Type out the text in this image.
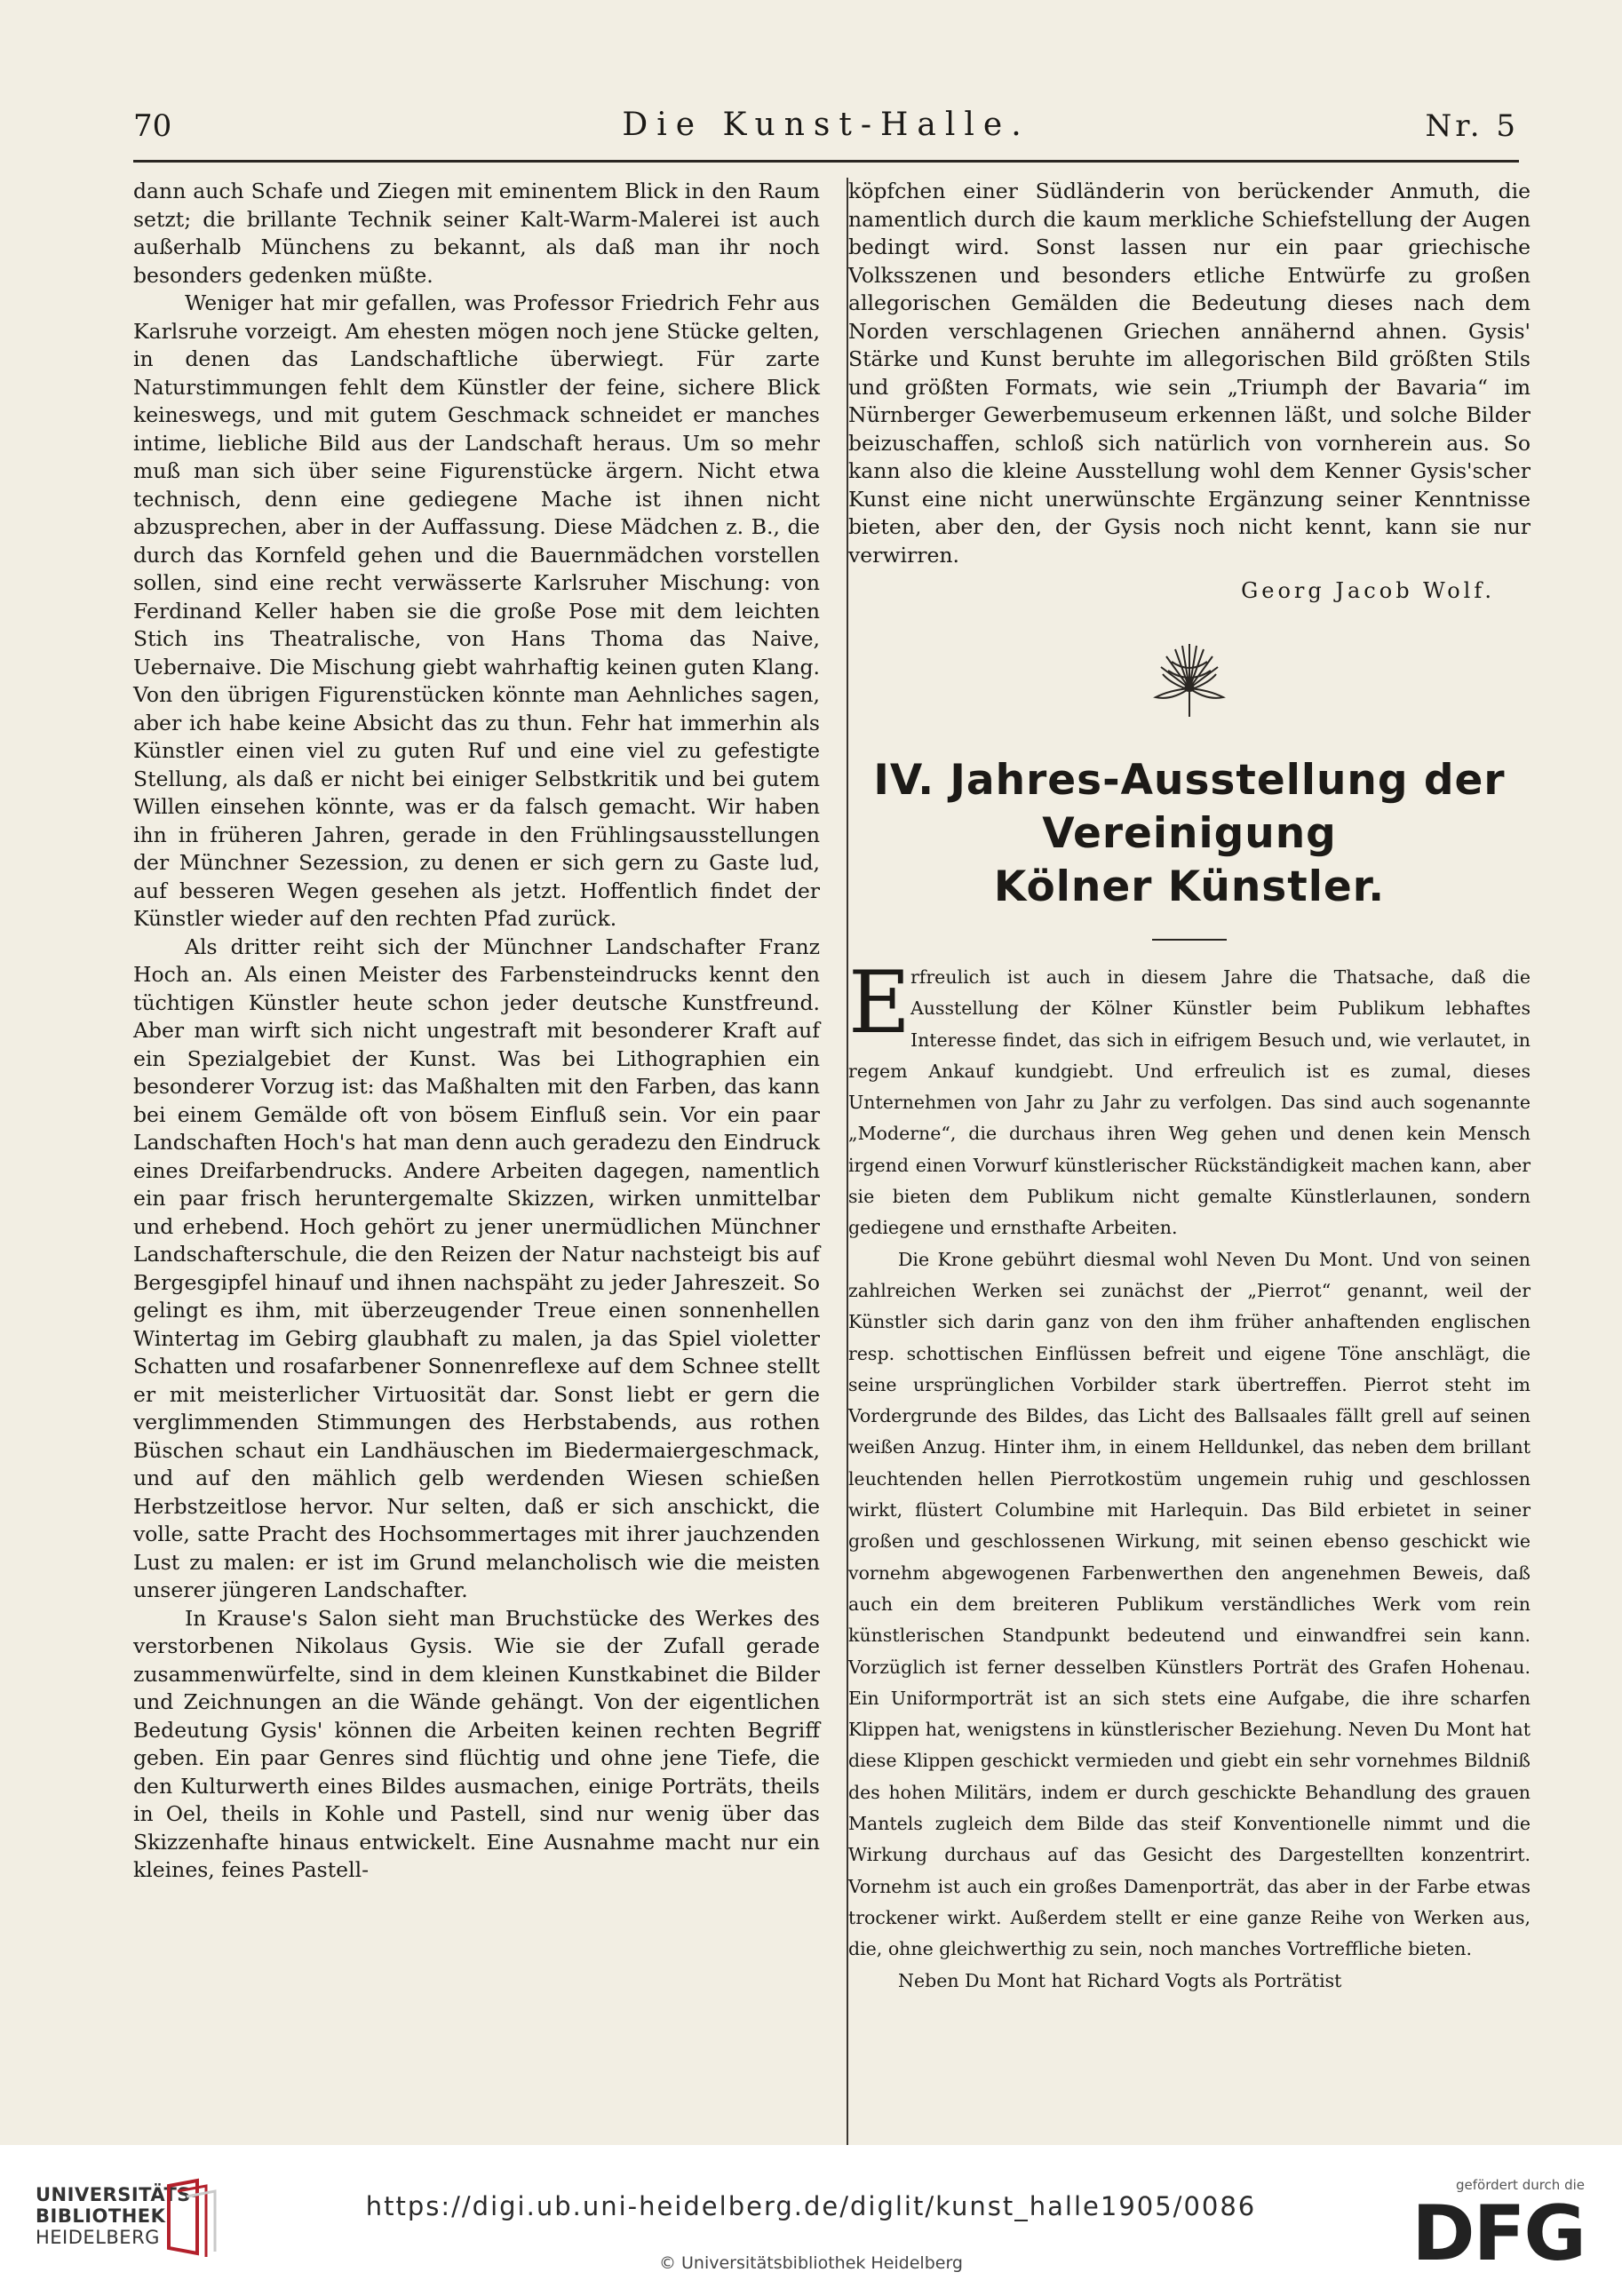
70	Die Kunst-Halle.	Nr. 5

dann auch Schafe und Ziegen mit eminentem Blick in den Raum setzt; die brillante Technik seiner Kalt-Warm-Malerei ist auch außerhalb Münchens zu bekannt, als daß man ihr noch besonders gedenken müßte.

Weniger hat mir gefallen, was Professor Friedrich Fehr aus Karlsruhe vorzeigt. Am ehesten mögen noch jene Stücke gelten, in denen das Landschaftliche überwiegt. Für zarte Naturstimmungen fehlt dem Künstler der feine, sichere Blick keineswegs, und mit gutem Geschmack schneidet er manches intime, liebliche Bild aus der Landschaft heraus. Um so mehr muß man sich über seine Figurenstücke ärgern. Nicht etwa technisch, denn eine gediegene Mache ist ihnen nicht abzusprechen, aber in der Auffassung. Diese Mädchen z. B., die durch das Kornfeld gehen und die Bauernmädchen vorstellen sollen, sind eine recht verwässerte Karlsruher Mischung: von Ferdinand Keller haben sie die große Pose mit dem leichten Stich ins Theatralische, von Hans Thoma das Naive, Uebernaive. Die Mischung giebt wahrhaftig keinen guten Klang. Von den übrigen Figurenstücken könnte man Aehnliches sagen, aber ich habe keine Absicht das zu thun. Fehr hat immerhin als Künstler einen viel zu guten Ruf und eine viel zu gefestigte Stellung, als daß er nicht bei einiger Selbstkritik und bei gutem Willen einsehen könnte, was er da falsch gemacht. Wir haben ihn in früheren Jahren, gerade in den Frühlingsausstellungen der Münchner Sezession, zu denen er sich gern zu Gaste lud, auf besseren Wegen gesehen als jetzt. Hoffentlich findet der Künstler wieder auf den rechten Pfad zurück.

Als dritter reiht sich der Münchner Landschafter Franz Hoch an. Als einen Meister des Farbensteindrucks kennt den tüchtigen Künstler heute schon jeder deutsche Kunstfreund. Aber man wirft sich nicht ungestraft mit besonderer Kraft auf ein Spezialgebiet der Kunst. Was bei Lithographien ein besonderer Vorzug ist: das Maßhalten mit den Farben, das kann bei einem Gemälde oft von bösem Einfluß sein. Vor ein paar Landschaften Hoch's hat man denn auch geradezu den Eindruck eines Dreifarbendrucks. Andere Arbeiten dagegen, namentlich ein paar frisch heruntergemalte Skizzen, wirken unmittelbar und erhebend. Hoch gehört zu jener unermüdlichen Münchner Landschafterschule, die den Reizen der Natur nachsteigt bis auf Bergesgipfel hinauf und ihnen nachspäht zu jeder Jahreszeit. So gelingt es ihm, mit überzeugender Treue einen sonnenhellen Wintertag im Gebirg glaubhaft zu malen, ja das Spiel violetter Schatten und rosafarbener Sonnenreflexe auf dem Schnee stellt er mit meisterlicher Virtuosität dar. Sonst liebt er gern die verglimmenden Stimmungen des Herbstabends, aus rothen Büschen schaut ein Landhäuschen im Biedermaiergeschmack, und auf den mählich gelb werdenden Wiesen schießen Herbstzeitlose hervor. Nur selten, daß er sich anschickt, die volle, satte Pracht des Hochsommertages mit ihrer jauchzenden Lust zu malen: er ist im Grund melancholisch wie die meisten unserer jüngeren Landschafter.

In Krause's Salon sieht man Bruchstücke des Werkes des verstorbenen Nikolaus Gysis. Wie sie der Zufall gerade zusammenwürfelte, sind in dem kleinen Kunstkabinet die Bilder und Zeichnungen an die Wände gehängt. Von der eigentlichen Bedeutung Gysis' können die Arbeiten keinen rechten Begriff geben. Ein paar Genres sind flüchtig und ohne jene Tiefe, die den Kulturwerth eines Bildes ausmachen, einige Porträts, theils in Oel, theils in Kohle und Pastell, sind nur wenig über das Skizzenhafte hinaus entwickelt. Eine Ausnahme macht nur ein kleines, feines Pastell-

köpfchen einer Südländerin von berückender Anmuth, die namentlich durch die kaum merkliche Schiefstellung der Augen bedingt wird. Sonst lassen nur ein paar griechische Volksszenen und besonders etliche Entwürfe zu großen allegorischen Gemälden die Bedeutung dieses nach dem Norden verschlagenen Griechen annähernd ahnen. Gysis' Stärke und Kunst beruhte im allegorischen Bild größten Stils und größten Formats, wie sein „Triumph der Bavaria“ im Nürnberger Gewerbemuseum erkennen läßt, und solche Bilder beizuschaffen, schloß sich natürlich von vornherein aus. So kann also die kleine Ausstellung wohl dem Kenner Gysis'scher Kunst eine nicht unerwünschte Ergänzung seiner Kenntnisse bieten, aber den, der Gysis noch nicht kennt, kann sie nur verwirren.

Georg Jacob Wolf.

IV. Jahres-Ausstellung der Vereinigung

Kölner Künstler.

Erfreulich ist auch in diesem Jahre die Thatsache, daß die Ausstellung der Kölner Künstler beim Publikum lebhaftes Interesse findet, das sich in eifrigem Besuch und, wie verlautet, in regem Ankauf kundgiebt. Und erfreulich ist es zumal, dieses Unternehmen von Jahr zu Jahr zu verfolgen. Das sind auch sogenannte „Moderne“, die durchaus ihren Weg gehen und denen kein Mensch irgend einen Vorwurf künstlerischer Rückständigkeit machen kann, aber sie bieten dem Publikum nicht gemalte Künstlerlaunen, sondern gediegene und ernsthafte Arbeiten.

Die Krone gebührt diesmal wohl Neven Du Mont. Und von seinen zahlreichen Werken sei zunächst der „Pierrot“ genannt, weil der Künstler sich darin ganz von den ihm früher anhaftenden englischen resp. schottischen Einflüssen befreit und eigene Töne anschlägt, die seine ursprünglichen Vorbilder stark übertreffen. Pierrot steht im Vordergrunde des Bildes, das Licht des Ballsaales fällt grell auf seinen weißen Anzug. Hinter ihm, in einem Helldunkel, das neben dem brillant leuchtenden hellen Pierrotkostüm ungemein ruhig und geschlossen wirkt, flüstert Columbine mit Harlequin. Das Bild erbietet in seiner großen und geschlossenen Wirkung, mit seinen ebenso geschickt wie vornehm abgewogenen Farbenwerthen den angenehmen Beweis, daß auch ein dem breiteren Publikum verständliches Werk vom rein künstlerischen Standpunkt bedeutend und einwandfrei sein kann. Vorzüglich ist ferner desselben Künstlers Porträt des Grafen Hohenau. Ein Uniformporträt ist an sich stets eine Aufgabe, die ihre scharfen Klippen hat, wenigstens in künstlerischer Beziehung. Neven Du Mont hat diese Klippen geschickt vermieden und giebt ein sehr vornehmes Bildniß des hohen Militärs, indem er durch geschickte Behandlung des grauen Mantels zugleich dem Bilde das steif Konventionelle nimmt und die Wirkung durchaus auf das Gesicht des Dargestellten konzentrirt. Vornehm ist auch ein großes Damenporträt, das aber in der Farbe etwas trockener wirkt. Außerdem stellt er eine ganze Reihe von Werken aus, die, ohne gleichwerthig zu sein, noch manches Vortreffliche bieten.

Neben Du Mont hat Richard Vogts als Porträtist

UNIVERSITÄTS-
BIBLIOTHEK
HEIDELBERG
https://digi.ub.uni-heidelberg.de/diglit/kunst_halle1905/0086
© Universitätsbibliothek Heidelberg
gefördert durch die
DFG
